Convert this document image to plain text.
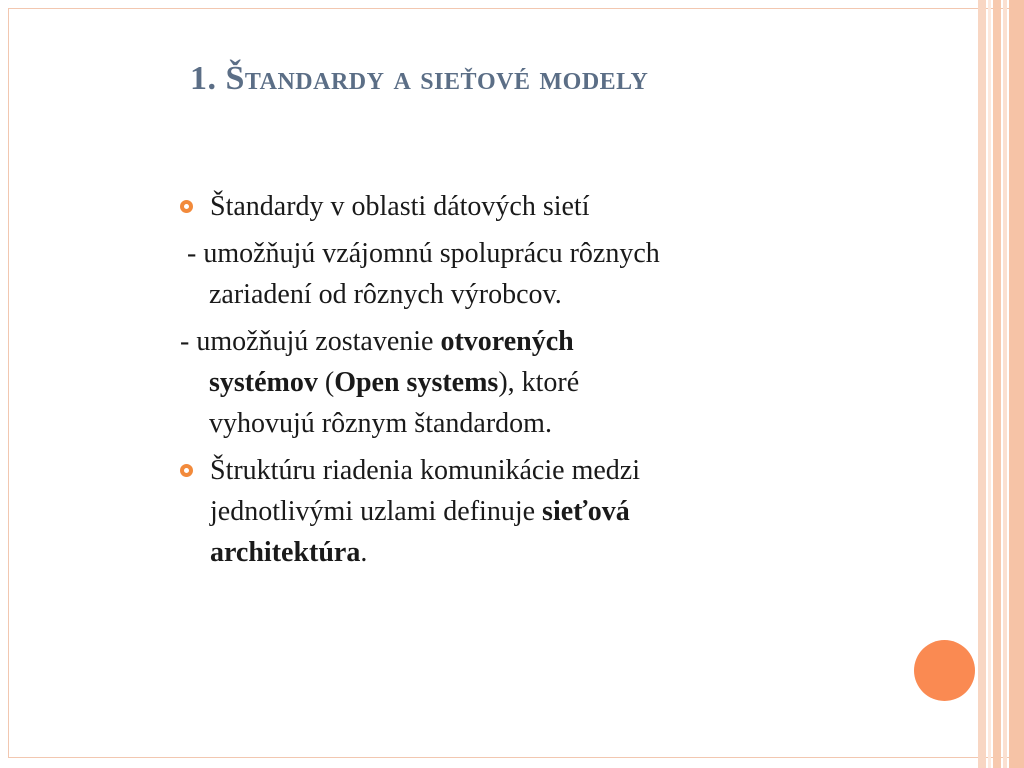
1. Štandardy a sieťové modely
Štandardy v oblasti dátových sietí
- umožňujú vzájomnú spoluprácu rôznych
zariadení od rôznych výrobcov.
- umožňujú zostavenie otvorených
systémov (Open systems), ktoré
vyhovujú rôznym štandardom.
Štruktúru riadenia komunikácie medzi
jednotlivými uzlami definuje sieťová
architektúra.
